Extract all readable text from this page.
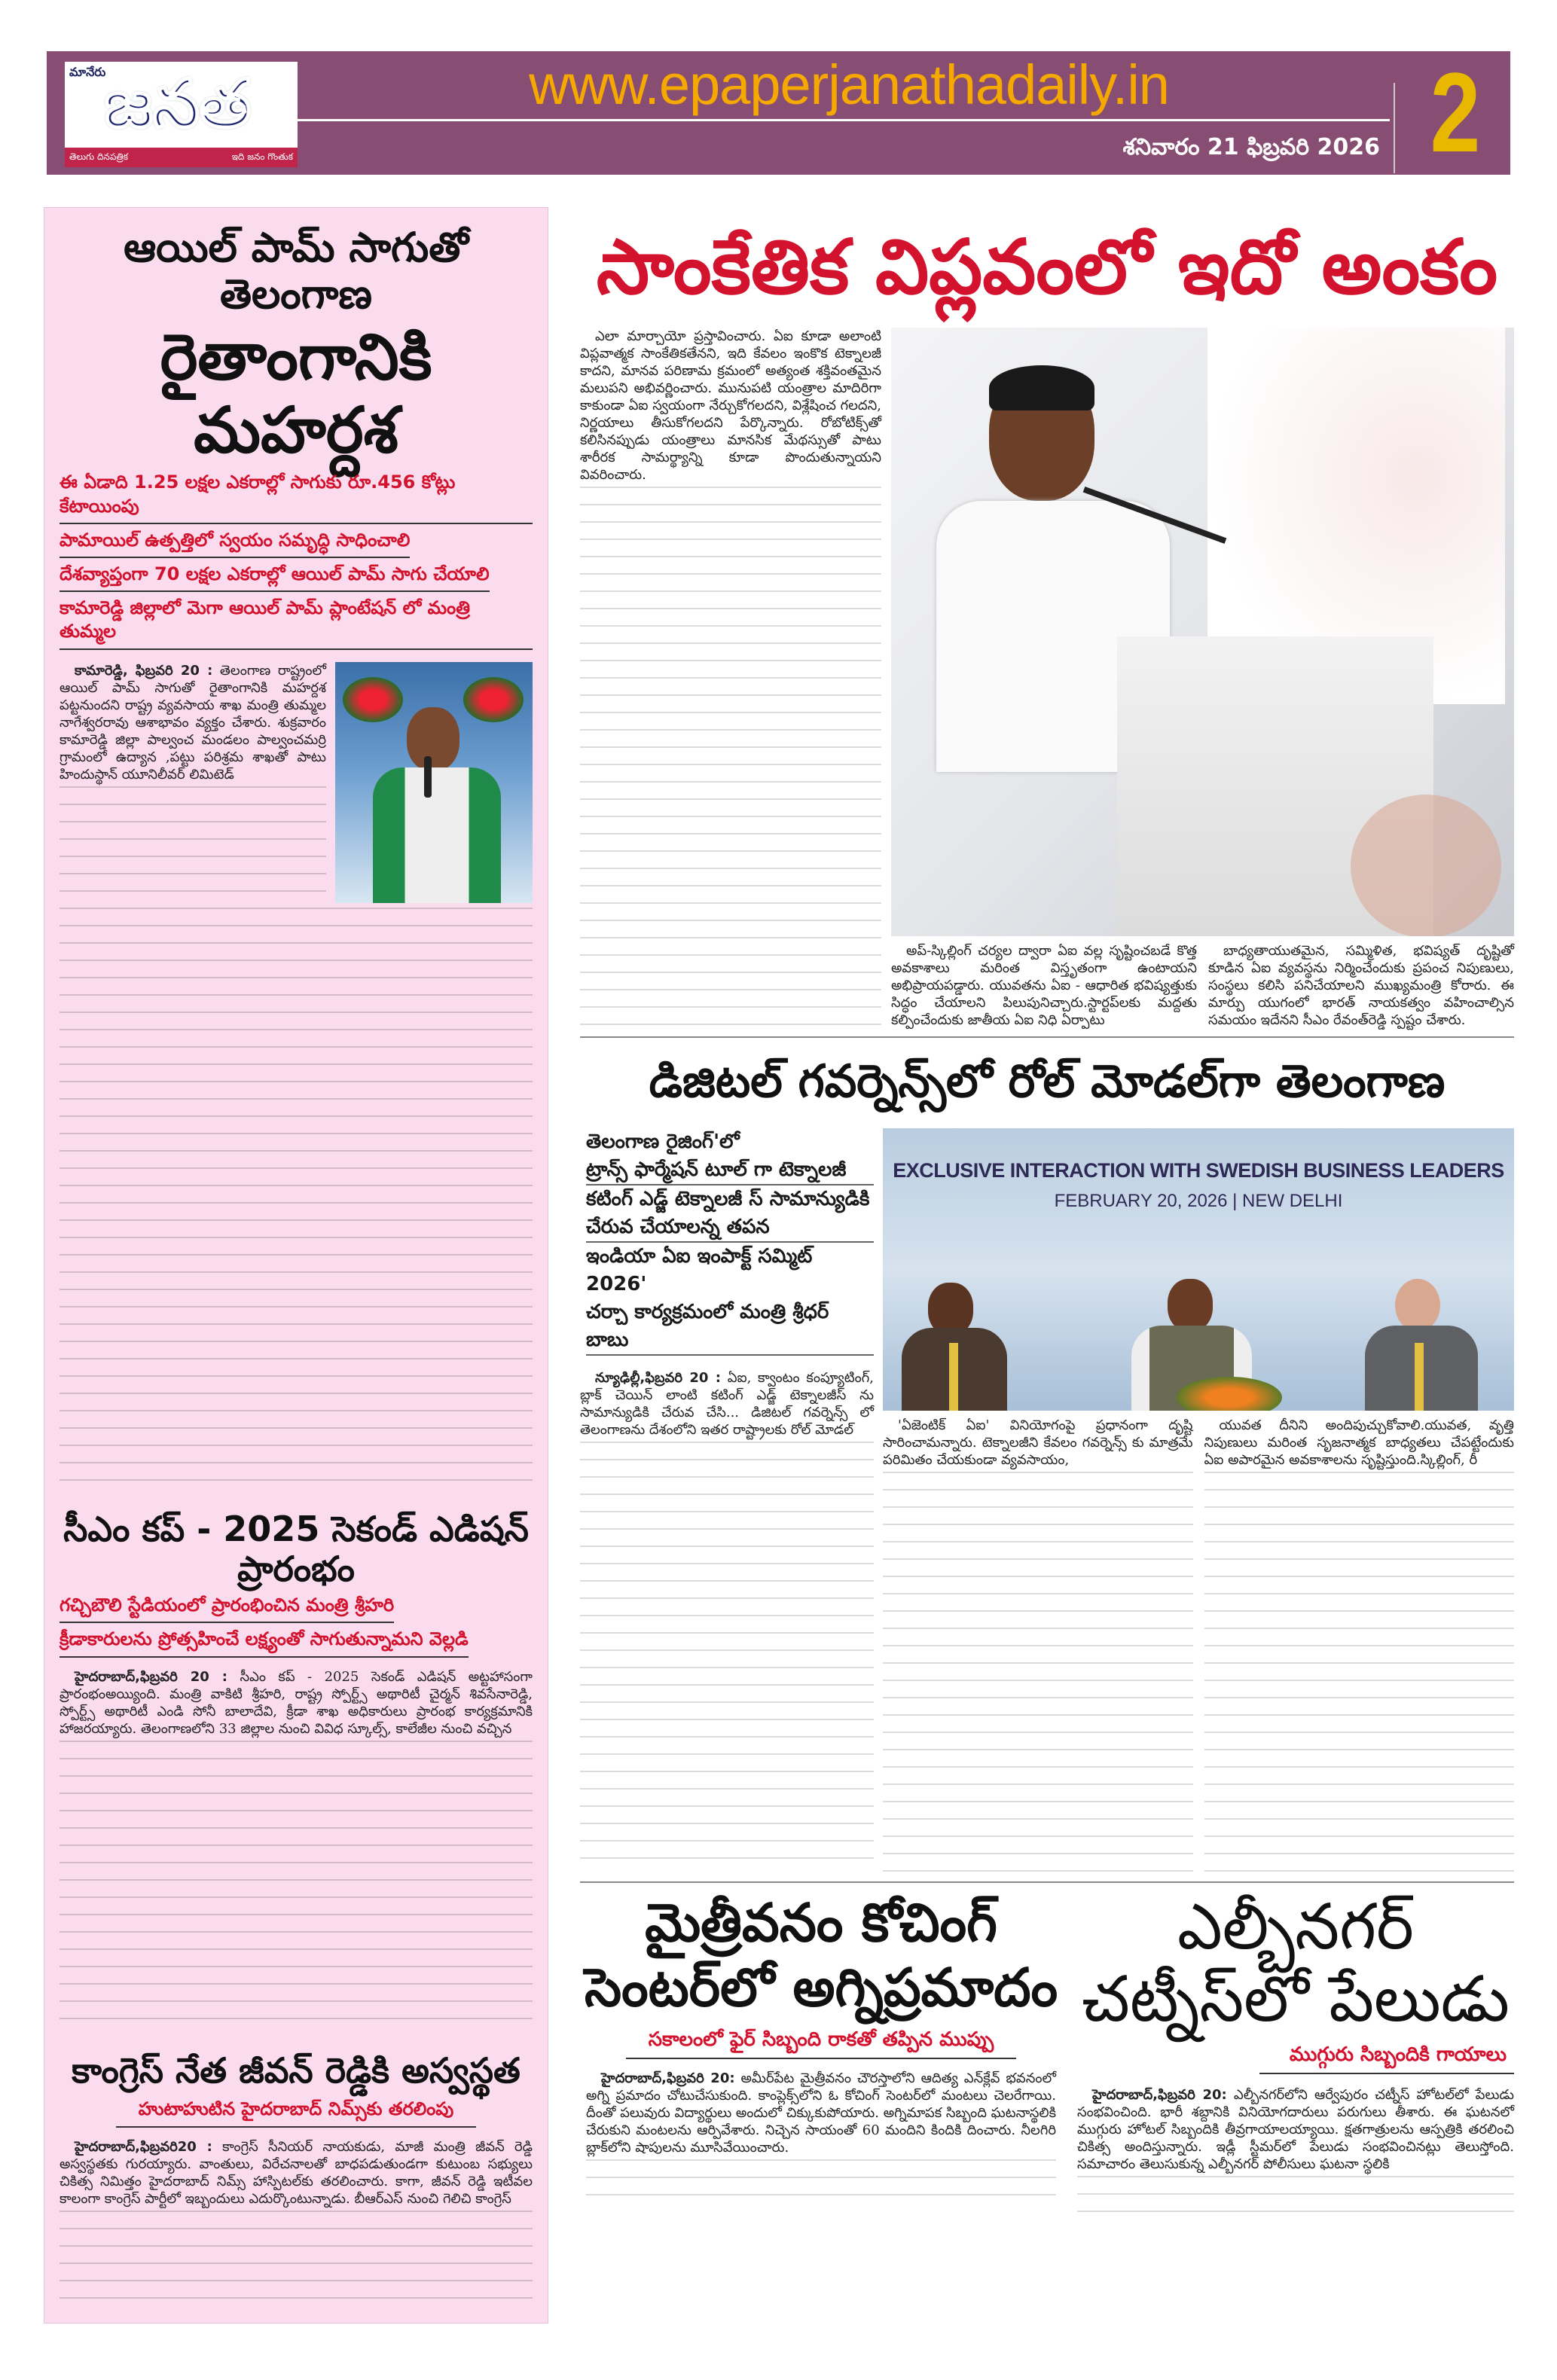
మానేరు
జనత
తెలుగు దినపత్రిక	ఇది జనం గొంతుక
www.epaperjanathadaily.in
శనివారం 21 ఫిబ్రవరి 2026 2
ఆయిల్ పామ్ సాగుతో తెలంగాణ
రైతాంగానికి మహర్దశ
ఈ ఏడాది 1.25 లక్షల ఎకరాల్లో సాగుకు రూ.456 కోట్లు కేటాయింపు
పామాయిల్ ఉత్పత్తిలో స్వయం సమృద్ధి సాధించాలి
దేశవ్యాప్తంగా 70 లక్షల ఎకరాల్లో ఆయిల్ పామ్ సాగు చేయాలి
కామారెడ్డి జిల్లాలో మెగా ఆయిల్ పామ్ ప్లాంటేషన్ లో మంత్రి తుమ్మల

కామారెడ్డి, ఫిబ్రవరి 20 : తెలంగాణ రాష్ట్రంలో ఆయిల్ పామ్ సాగుతో రైతాంగానికి మహర్దశ పట్టనుందని రాష్ట్ర వ్యవసాయ శాఖ మంత్రి తుమ్మల నాగేశ్వరరావు ఆశాభావం వ్యక్తం చేశారు. శుక్రవారం కామారెడ్డి జిల్లా పాల్వంచ మండలం పాల్వంచమర్రి గ్రామంలో ఉద్యాన ,పట్టు పరిశ్రమ శాఖతో పాటు హిందుస్థాన్ యూనిలీవర్ లిమిటెడ్

సీఎం కప్ - 2025 సెకండ్ ఎడిషన్ ప్రారంభం
గచ్చిబౌలి స్టేడియంలో ప్రారంభించిన మంత్రి శ్రీహరి
క్రీడాకారులను ప్రోత్సహించే లక్ష్యంతో సాగుతున్నామని వెల్లడి

హైదరాబాద్,ఫిబ్రవరి 20 : సీఎం కప్ - 2025 సెకండ్ ఎడిషన్ అట్టహాసంగా ప్రారంభంఅయ్యింది. మంత్రి వాకిటి శ్రీహరి, రాష్ట్ర స్పోర్ట్స్ అథారిటీ చైర్మన్ శివసేనారెడ్డి, స్పోర్ట్స్ అథారిటీ ఎండి సోనీ బాలాదేవి, క్రీడా శాఖ అధికారులు ప్రారంభ కార్యక్రమానికి హాజరయ్యారు. తెలంగాణలోని 33 జిల్లాల నుంచి వివిధ స్కూల్స్, కాలేజీల నుంచి వచ్చిన

కాంగ్రెస్ నేత జీవన్ రెడ్డికి అస్వస్థత
హుటాహుటిన హైదరాబాద్ నిమ్స్‌కు తరలింపు

హైదరాబాద్,ఫిబ్రవరి20 : కాంగ్రెస్ సీనియర్ నాయకుడు, మాజీ మంత్రి జీవన్ రెడ్డి అస్వస్థతకు గురయ్యారు. వాంతులు, విరేచనాలతో బాధపడుతుండగా కుటుంబ సభ్యులు చికిత్స నిమిత్తం హైదరాబాద్ నిమ్స్ హాస్పిటల్‌కు తరలించారు. కాగా, జీవన్ రెడ్డి ఇటీవల కాలంగా కాంగ్రెస్ పార్టీలో ఇబ్బందులు ఎదుర్కొంటున్నాడు. బీఆర్ఎస్ నుంచి గెలిచి కాంగ్రెస్

సాంకేతిక విప్లవంలో ఇదో అంకం

ఎలా మార్చాయో ప్రస్తావించారు. ఏఐ కూడా అలాంటి విప్లవాత్మక సాంకేతికతేనని, ఇది కేవలం ఇంకొక టెక్నాలజీ కాదని, మానవ పరిణామ క్రమంలో అత్యంత శక్తివంతమైన మలుపని అభివర్ణించారు. మునుపటి యంత్రాల మాదిరిగా కాకుండా ఏఐ స్వయంగా నేర్చుకోగలదని, విశ్లేషించ గలదని, నిర్ణయాలు తీసుకోగలదని పేర్కొన్నారు. రోబోటిక్స్‌తో కలిసినప్పుడు యంత్రాలు మానసిక మేథస్సుతో పాటు శారీరక సామర్థ్యాన్ని కూడా పొందుతున్నాయని వివరించారు.

అప్-స్కిల్లింగ్ చర్యల ద్వారా ఏఐ వల్ల సృష్టించబడే కొత్త అవకాశాలు మరింత విస్తృతంగా ఉంటాయని అభిప్రాయపడ్డారు. యువతను ఏఐ - ఆధారిత భవిష్యత్తుకు సిద్ధం చేయాలని పిలుపునిచ్చారు.స్టార్టప్‌లకు మద్దతు కల్పించేందుకు జాతీయ ఏఐ నిధి ఏర్పాటు

బాధ్యతాయుతమైన, సమ్మిళిత, భవిష్యత్ దృష్టితో కూడిన ఏఐ వ్యవస్థను నిర్మించేందుకు ప్రపంచ నిపుణులు, సంస్థలు కలిసి పనిచేయాలని ముఖ్యమంత్రి కోరారు. ఈ మార్పు యుగంలో భారత్ నాయకత్వం వహించాల్సిన సమయం ఇదేనని సీఎం రేవంత్‌రెడ్డి స్పష్టం చేశారు.

డిజిటల్ గవర్నెన్స్‌లో రోల్ మోడల్‌గా తెలంగాణ
తెలంగాణ రైజింగ్'లో
ట్రాన్స్ ఫార్మేషన్ టూల్ గా టెక్నాలజీ
కటింగ్ ఎడ్జ్ టెక్నాలజీ స్ సామాన్యుడికి
చేరువ చేయాలన్న తపన
ఇండియా ఏఐ ఇంపాక్ట్ సమ్మిట్ 2026'
చర్చా కార్యక్రమంలో మంత్రి శ్రీధర్ బాబు

న్యూఢిల్లీ,ఫిబ్రవరి 20 : ఏఐ, క్వాంటం కంప్యూటింగ్, బ్లాక్ చెయిన్ లాంటి కటింగ్ ఎడ్జ్ టెక్నాలజీస్ ను సామాన్యుడికి చేరువ చేసి... డిజిటల్ గవర్నెన్స్ లో తెలంగాణను దేశంలోని ఇతర రాష్ట్రాలకు రోల్ మోడల్

EXCLUSIVE INTERACTION WITH SWEDISH BUSINESS LEADERS
FEBRUARY 20, 2026 | NEW DELHI

'ఏజెంటిక్ ఏఐ' వినియోగంపై ప్రధానంగా దృష్టి సారించామన్నారు. టెక్నాలజీని కేవలం గవర్నెన్స్ కు మాత్రమే పరిమితం చేయకుండా వ్యవసాయం,

యువత దీనిని అందిపుచ్చుకోవాలి.యువత, వృత్తి నిపుణులు మరింత సృజనాత్మక బాధ్యతలు చేపట్టేందుకు ఏఐ అపారమైన అవకాశాలను సృష్టిస్తుంది.స్కిల్లింగ్, రీ

మైత్రీవనం కోచింగ్
సెంటర్‌లో అగ్నిప్రమాదం
సకాలంలో ఫైర్ సిబ్బంది రాకతో తప్పిన ముప్పు

హైదరాబాద్,ఫిబ్రవరి 20: అమీర్‌పేట మైత్రీవనం చౌరస్తాలోని ఆదిత్య ఎన్‌క్లేవ్ భవనంలో అగ్ని ప్రమాదం చోటుచేసుకుంది. కాంప్లెక్స్‌లోని ఓ కోచింగ్ సెంటర్‌లో మంటలు చెలరేగాయి. దీంతో పలువురు విద్యార్థులు అందులో చిక్కుకుపోయారు. అగ్నిమాపక సిబ్బంది ఘటనాస్థలికి చేరుకుని మంటలను ఆర్పివేశారు. నిచ్చెన సాయంతో 60 మందిని కిందికి దించారు. నీలగిరి బ్లాక్‌లోని షాపులను మూసివేయించారు.

ఎల్బీనగర్
చట్నీస్‌లో పేలుడు
ముగ్గురు సిబ్బందికి గాయాలు

హైదరాబాద్,ఫిబ్రవరి 20: ఎల్బీనగర్‌లోని ఆర్వేపురం చట్నీస్ హోటల్‌లో పేలుడు సంభవించింది. భారీ శబ్దానికి వినియోగదారులు పరుగులు తీశారు. ఈ ఘటనలో ముగ్గురు హోటల్ సిబ్బందికి తీవ్రగాయాలయ్యాయి. క్షతగాత్రులను ఆస్పత్రికి తరలించి చికిత్స అందిస్తున్నారు. ఇడ్లీ స్టీమర్‌లో పేలుడు సంభవించినట్లు తెలుస్తోంది. సమాచారం తెలుసుకున్న ఎల్బీనగర్ పోలీసులు ఘటనా స్థలికి
